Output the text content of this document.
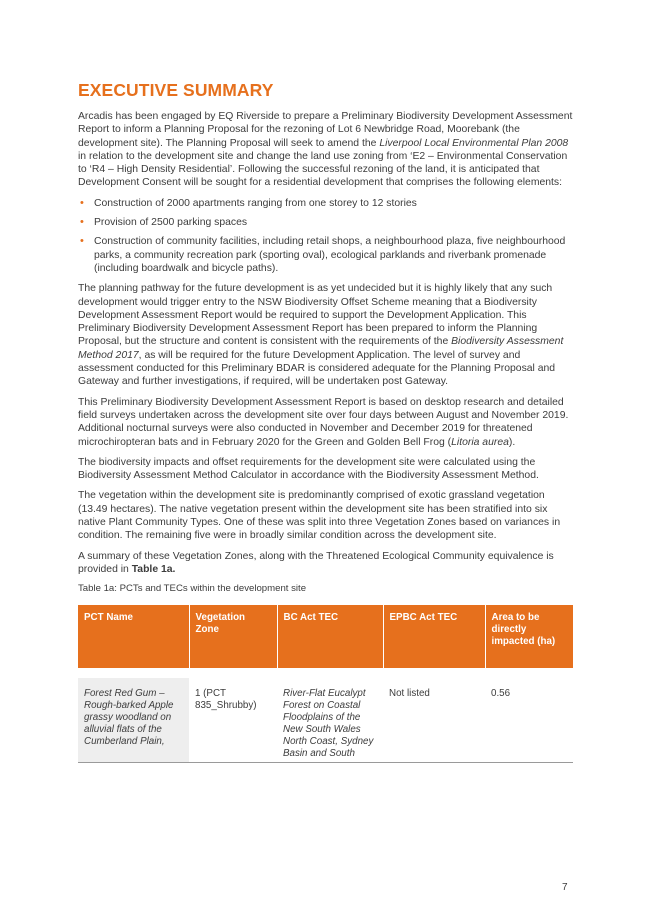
EXECUTIVE SUMMARY

Arcadis has been engaged by EQ Riverside to prepare a Preliminary Biodiversity Development Assessment Report to inform a Planning Proposal for the rezoning of Lot 6 Newbridge Road, Moorebank (the development site). The Planning Proposal will seek to amend the Liverpool Local Environmental Plan 2008 in relation to the development site and change the land use zoning from ‘E2 – Environmental Conservation to ‘R4 – High Density Residential’. Following the successful rezoning of the land, it is anticipated that Development Consent will be sought for a residential development that comprises the following elements:

• Construction of 2000 apartments ranging from one storey to 12 stories
• Provision of 2500 parking spaces
• Construction of community facilities, including retail shops, a neighbourhood plaza, five neighbourhood parks, a community recreation park (sporting oval), ecological parklands and riverbank promenade (including boardwalk and bicycle paths).

The planning pathway for the future development is as yet undecided but it is highly likely that any such development would trigger entry to the NSW Biodiversity Offset Scheme meaning that a Biodiversity Development Assessment Report would be required to support the Development Application. This Preliminary Biodiversity Development Assessment Report has been prepared to inform the Planning Proposal, but the structure and content is consistent with the requirements of the Biodiversity Assessment Method 2017, as will be required for the future Development Application. The level of survey and assessment conducted for this Preliminary BDAR is considered adequate for the Planning Proposal and Gateway and further investigations, if required, will be undertaken post Gateway.

This Preliminary Biodiversity Development Assessment Report is based on desktop research and detailed field surveys undertaken across the development site over four days between August and November 2019. Additional nocturnal surveys were also conducted in November and December 2019 for threatened microchiropteran bats and in February 2020 for the Green and Golden Bell Frog (Litoria aurea).

The biodiversity impacts and offset requirements for the development site were calculated using the Biodiversity Assessment Method Calculator in accordance with the Biodiversity Assessment Method.

The vegetation within the development site is predominantly comprised of exotic grassland vegetation (13.49 hectares). The native vegetation present within the development site has been stratified into six native Plant Community Types. One of these was split into three Vegetation Zones based on variances in condition. The remaining five were in broadly similar condition across the development site.

A summary of these Vegetation Zones, along with the Threatened Ecological Community equivalence is provided in Table 1a.

Table 1a: PCTs and TECs within the development site
PCT Name	Vegetation Zone	BC Act TEC	EPBC Act TEC	Area to be directly impacted (ha)

Forest Red Gum – Rough-barked Apple grassy woodland on alluvial flats of the Cumberland Plain,	1 (PCT 835_Shrubby)	River-Flat Eucalypt Forest on Coastal Floodplains of the New South Wales North Coast, Sydney Basin and South	Not listed	0.56
7
